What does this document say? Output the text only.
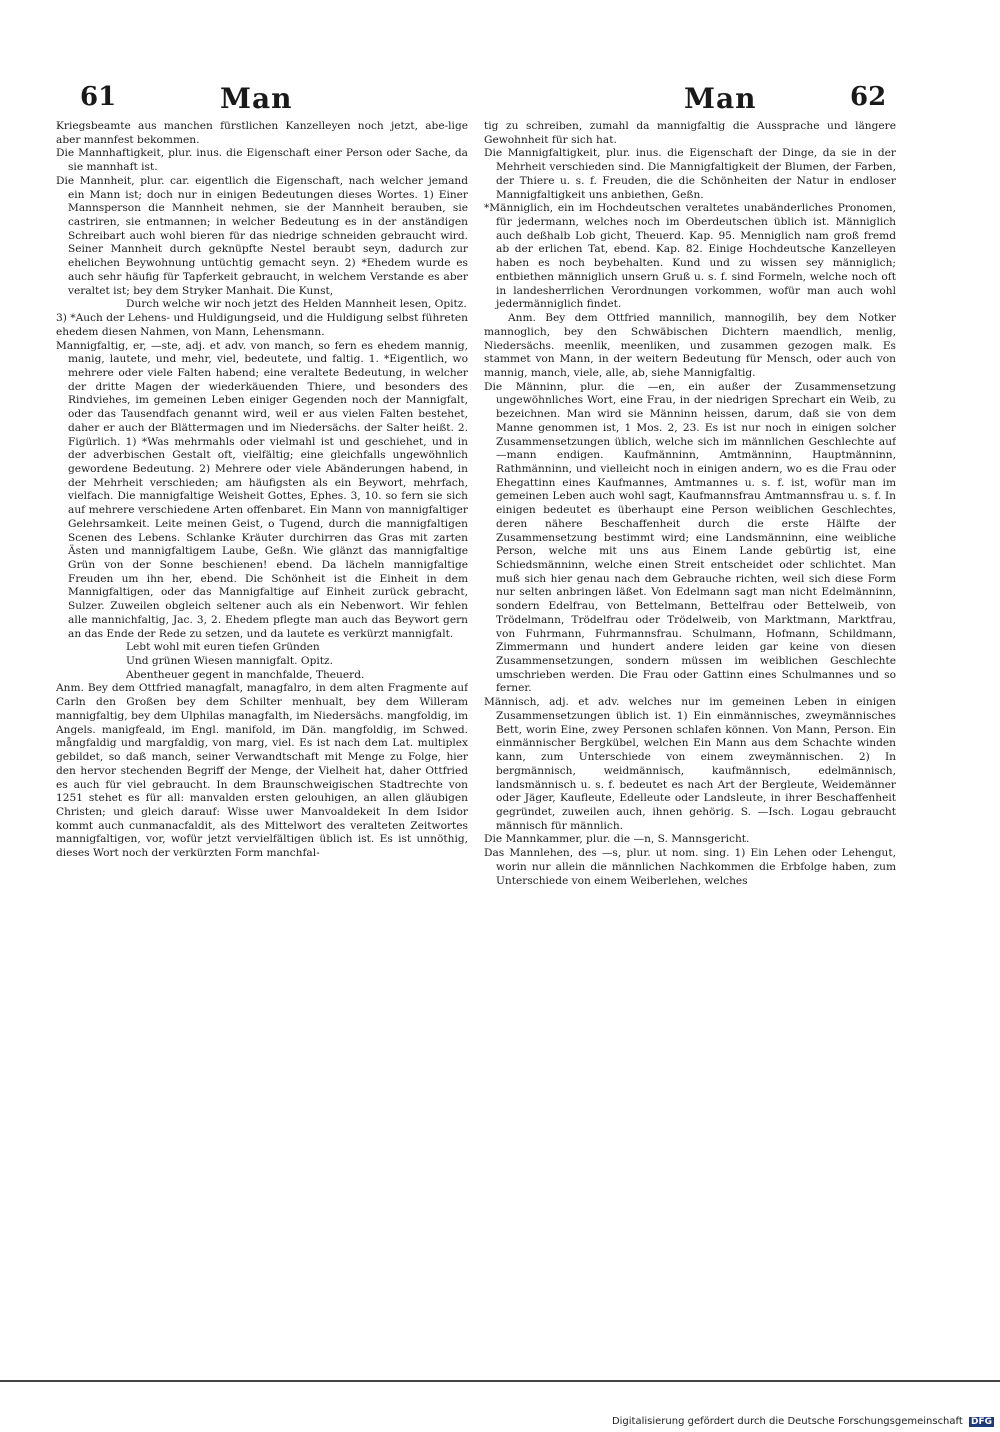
61	Man	Man	62

Kriegsbeamte aus manchen fürstlichen Kanzelleyen noch jetzt, abe-lige aber mannfest bekommen.

Die Mannhaftigkeit, plur. inus. die Eigenschaft einer Person oder Sache, da sie mannhaft ist.

Die Mannheit, plur. car. eigentlich die Eigenschaft, nach welcher jemand ein Mann ist; doch nur in einigen Bedeutungen dieses Wortes. 1) Einer Mannsperson die Mannheit nehmen, sie der Mannheit berauben, sie castriren, sie entmannen; in welcher Bedeutung es in der anständigen Schreibart auch wohl bieren für das niedrige schneiden gebraucht wird. Seiner Mannheit durch geknüpfte Nestel beraubt seyn, dadurch zur ehelichen Beywohnung untüchtig gemacht seyn. 2) *Ehedem wurde es auch sehr häufig für Tapferkeit gebraucht, in welchem Verstande es aber veraltet ist; bey dem Stryker Manhait. Die Kunst,

Durch welche wir noch jetzt des Helden Mannheit lesen, Opitz.

3) *Auch der Lehens- und Huldigungseid, und die Huldigung selbst führeten ehedem diesen Nahmen, von Mann, Lehensmann.

Mannigfaltig, er, —ste, adj. et adv. von manch, so fern es ehedem mannig, manig, lautete, und mehr, viel, bedeutete, und faltig. 1. *Eigentlich, wo mehrere oder viele Falten habend; eine veraltete Bedeutung, in welcher der dritte Magen der wiederkäuenden Thiere, und besonders des Rindviehes, im gemeinen Leben einiger Gegenden noch der Mannigfalt, oder das Tausendfach genannt wird, weil er aus vielen Falten bestehet, daher er auch der Blättermagen und im Niedersächs. der Salter heißt. 2. Figürlich. 1) *Was mehrmahls oder vielmahl ist und geschiehet, und in der adverbischen Gestalt oft, vielfältig; eine gleichfalls ungewöhnlich gewordene Bedeutung. 2) Mehrere oder viele Abänderungen habend, in der Mehrheit verschieden; am häufigsten als ein Beywort, mehrfach, vielfach. Die mannigfaltige Weisheit Gottes, Ephes. 3, 10. so fern sie sich auf mehrere verschiedene Arten offenbaret. Ein Mann von mannigfaltiger Gelehrsamkeit. Leite meinen Geist, o Tugend, durch die mannigfaltigen Scenen des Lebens. Schlanke Kräuter durchirren das Gras mit zarten Ästen und mannigfaltigem Laube, Geßn. Wie glänzt das mannigfaltige Grün von der Sonne beschienen! ebend. Da lächeln mannigfaltige Freuden um ihn her, ebend. Die Schönheit ist die Einheit in dem Mannigfaltigen, oder das Mannigfaltige auf Einheit zurück gebracht, Sulzer. Zuweilen obgleich seltener auch als ein Nebenwort. Wir fehlen alle mannichfaltig, Jac. 3, 2. Ehedem pflegte man auch das Beywort gern an das Ende der Rede zu setzen, und da lautete es verkürzt mannigfalt.

Lebt wohl mit euren tiefen Gründen

Und grünen Wiesen mannigfalt. Opitz.

Abentheuer gegent in manchfalde, Theuerd.

Anm. Bey dem Ottfried managfalt, managfalro, in dem alten Fragmente auf Carln den Großen bey dem Schilter menhualt, bey dem Willeram mannigfaltig, bey dem Ulphilas managfalth, im Niedersächs. mangfoldig, im Angels. manigfeald, im Engl. manifold, im Dän. mangfoldig, im Schwed. mångfaldig und margfaldig, von marg, viel. Es ist nach dem Lat. multiplex gebildet, so daß manch, seiner Verwandtschaft mit Menge zu Folge, hier den hervor stechenden Begriff der Menge, der Vielheit hat, daher Ottfried es auch für viel gebraucht. In dem Braunschweigischen Stadtrechte von 1251 stehet es für all: manvalden ersten gelouhigen, an allen gläubigen Christen; und gleich darauf: Wisse uwer Manvoaldekeit In dem Isidor kommt auch cunmanacfaldit, als des Mittelwort des veralteten Zeitwortes mannigfaltigen, vor, wofür jetzt vervielfältigen üblich ist. Es ist unnöthig, dieses Wort noch der verkürzten Form manchfal-

tig zu schreiben, zumahl da mannigfaltig die Aussprache und längere Gewohnheit für sich hat.

Die Mannigfaltigkeit, plur. inus. die Eigenschaft der Dinge, da sie in der Mehrheit verschieden sind. Die Mannigfaltigkeit der Blumen, der Farben, der Thiere u. s. f. Freuden, die die Schönheiten der Natur in endloser Mannigfaltigkeit uns anbiethen, Geßn.

*Männiglich, ein im Hochdeutschen veraltetes unabänderliches Pronomen, für jedermann, welches noch im Oberdeutschen üblich ist. Männiglich auch deßhalb Lob gicht, Theuerd. Kap. 95. Menniglich nam groß fremd ab der erlichen Tat, ebend. Kap. 82. Einige Hochdeutsche Kanzelleyen haben es noch beybehalten. Kund und zu wissen sey männiglich; entbiethen männiglich unsern Gruß u. s. f. sind Formeln, welche noch oft in landesherrlichen Verordnungen vorkommen, wofür man auch wohl jedermänniglich findet.

Anm. Bey dem Ottfried mannilich, mannogilih, bey dem Notker mannoglich, bey den Schwäbischen Dichtern maendlich, menlig, Niedersächs. meenlik, meenliken, und zusammen gezogen malk. Es stammet von Mann, in der weitern Bedeutung für Mensch, oder auch von mannig, manch, viele, alle, ab, siehe Mannigfaltig.

Die Männinn, plur. die —en, ein außer der Zusammensetzung ungewöhnliches Wort, eine Frau, in der niedrigen Sprechart ein Weib, zu bezeichnen. Man wird sie Männinn heissen, darum, daß sie von dem Manne genommen ist, 1 Mos. 2, 23. Es ist nur noch in einigen solcher Zusammensetzungen üblich, welche sich im männlichen Geschlechte auf —mann endigen. Kaufmänninn, Amtmänninn, Hauptmänninn, Rathmänninn, und vielleicht noch in einigen andern, wo es die Frau oder Ehegattinn eines Kaufmannes, Amtmannes u. s. f. ist, wofür man im gemeinen Leben auch wohl sagt, Kaufmannsfrau Amtmannsfrau u. s. f. In einigen bedeutet es überhaupt eine Person weiblichen Geschlechtes, deren nähere Beschaffenheit durch die erste Hälfte der Zusammensetzung bestimmt wird; eine Landsmänninn, eine weibliche Person, welche mit uns aus Einem Lande gebürtig ist, eine Schiedsmänninn, welche einen Streit entscheidet oder schlichtet. Man muß sich hier genau nach dem Gebrauche richten, weil sich diese Form nur selten anbringen läßet. Von Edelmann sagt man nicht Edelmänninn, sondern Edelfrau, von Bettelmann, Bettelfrau oder Bettelweib, von Trödelmann, Trödelfrau oder Trödelweib, von Marktmann, Marktfrau, von Fuhrmann, Fuhrmannsfrau. Schulmann, Hofmann, Schildmann, Zimmermann und hundert andere leiden gar keine von diesen Zusammensetzungen, sondern müssen im weiblichen Geschlechte umschrieben werden. Die Frau oder Gattinn eines Schulmannes und so ferner.

Männisch, adj. et adv. welches nur im gemeinen Leben in einigen Zusammensetzungen üblich ist. 1) Ein einmännisches, zweymännisches Bett, worin Eine, zwey Personen schlafen können. Von Mann, Person. Ein einmännischer Bergkübel, welchen Ein Mann aus dem Schachte winden kann, zum Unterschiede von einem zweymännischen. 2) In bergmännisch, weidmännisch, kaufmännisch, edelmännisch, landsmännisch u. s. f. bedeutet es nach Art der Bergleute, Weidemänner oder Jäger, Kaufleute, Edelleute oder Landsleute, in ihrer Beschaffenheit gegründet, zuweilen auch, ihnen gehörig. S. —Isch. Logau gebraucht männisch für männlich.

Die Mannkammer, plur. die —n, S. Mannsgericht.

Das Mannlehen, des —s, plur. ut nom. sing. 1) Ein Lehen oder Lehengut, worin nur allein die männlichen Nachkommen die Erbfolge haben, zum Unterschiede von einem Weiberlehen, welches

Digitalisierung gefördert durch die Deutsche Forschungsgemeinschaft DFG
